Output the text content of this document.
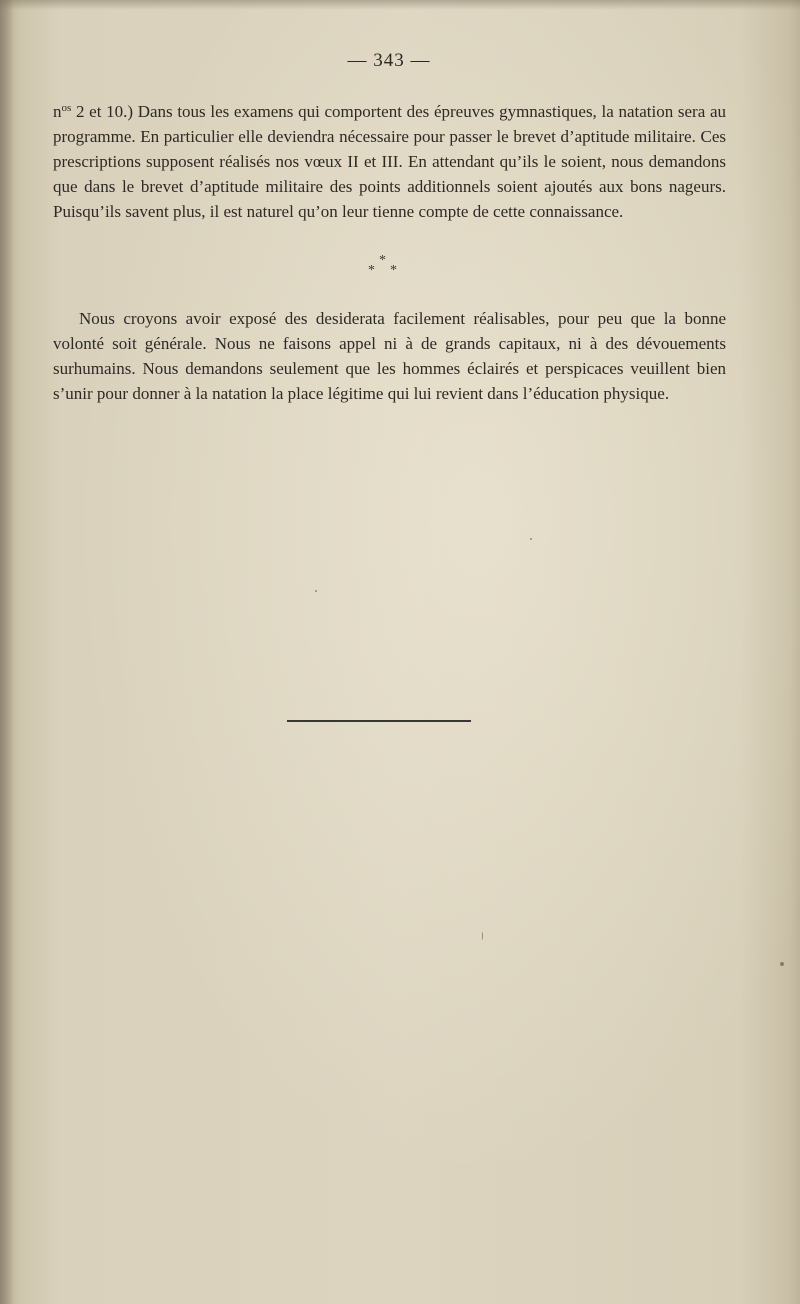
— 343 —

$n^{os}$ 2 et 10.) Dans tous les examens qui comportent des épreuves gymnastiques, la natation sera au programme. En particulier elle deviendra nécessaire pour passer le brevet d’aptitude militaire. Ces prescriptions supposent réalisés nos vœux II et III. En attendant qu’ils le soient, nous demandons que dans le brevet d’aptitude militaire des points additionnels soient ajoutés aux bons nageurs. Puisqu’ils savent plus, il est naturel qu’on leur tienne compte de cette connaissance.

*
* *

Nous croyons avoir exposé des desiderata facilement réalisables, pour peu que la bonne volonté soit générale. Nous ne faisons appel ni à de grands capitaux, ni à des dévouements surhumains. Nous demandons seulement que les hommes éclairés et perspicaces veuillent bien s’unir pour donner à la natation la place légitime qui lui revient dans l’éducation physique.
